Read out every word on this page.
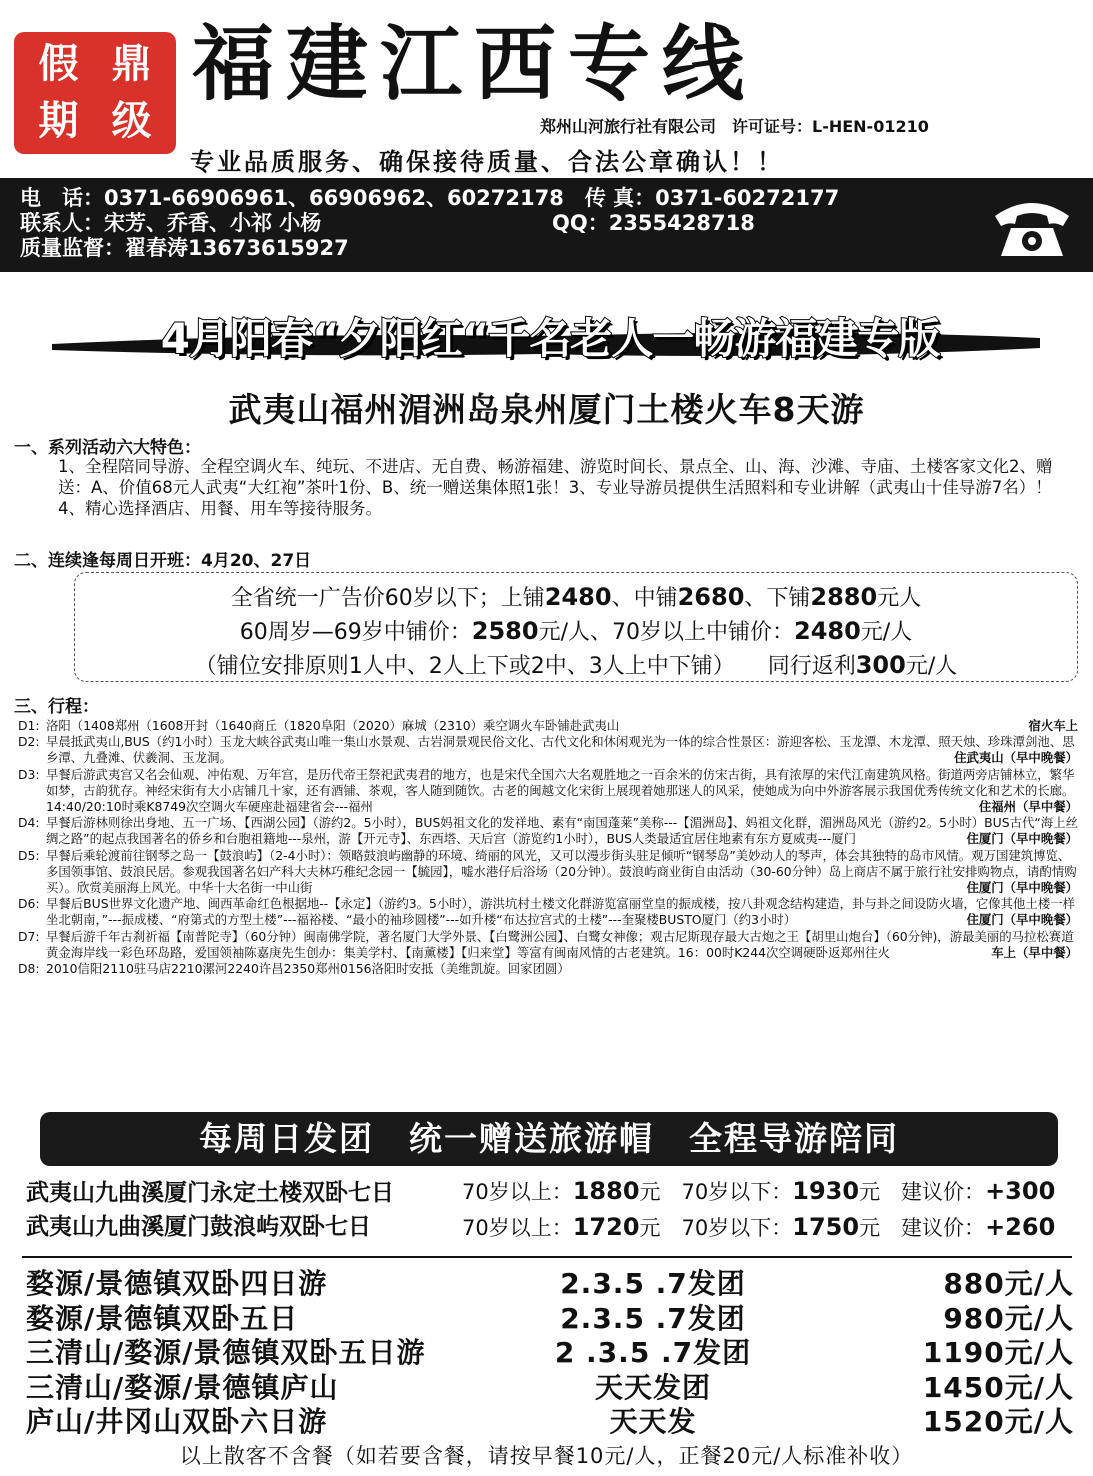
假 鼎
期 级
福建江西专线
郑州山河旅行社有限公司　许可证号：L-HEN-01210
专业品质服务、确保接待质量、合法公章确认！！
电　话：0371-66906961、66906962、60272178　传 真：0371-60272177
联系人：宋芳、乔香、小祁 小杨	QQ：2355428718
质量监督：翟春涛13673615927
4月阳春“夕阳红“千名老人一畅游福建专版
武夷山福州湄洲岛泉州厦门土楼火车8天游
一、系列活动六大特色：
1、全程陪同导游、全程空调火车、纯玩、不进店、无自费、畅游福建、游览时间长、景点全、山、海、沙滩、寺庙、土楼客家文化2、赠送：A、价值68元人武夷“大红袍”茶叶1份、B、统一赠送集体照1张！3、专业导游员提供生活照料和专业讲解（武夷山十佳导游7名）！ 4、精心选择酒店、用餐、用车等接待服务。
二、连续逢每周日开班：4月20、27日
全省统一广告价60岁以下；上铺2480、中铺2680、下铺2880元人
60周岁—69岁中铺价：2580元/人、70岁以上中铺价：2480元/人
（铺位安排原则1人中、2人上下或2中、3人上中下铺）　　同行返利300元/人
三、行程：
D1: 洛阳（1408郑州（1608开封（1640商丘（1820阜阳（2020）麻城（2310）乘空调火车卧铺赴武夷山	宿火车上
D2: 早晨抵武夷山,BUS（约1小时）玉龙大峡谷武夷山唯一集山水景观、古岩洞景观民俗文化、古代文化和休闲观光为一体的综合性景区：游迎客松、玉龙潭、木龙潭、照天烛、珍珠潭剑池、思乡潭、九叠滩、伏羲洞、玉龙洞。	住武夷山（早中晚餐）
D3: 早餐后游武夷宫又名会仙观、冲佑观、万年宫，是历代帝王祭祀武夷君的地方，也是宋代全国六大名观胜地之一百余米的仿宋古街，具有浓厚的宋代江南建筑风格。街道两旁店铺林立，繁华如梦，古韵犹存。神经宋街有大小店铺几十家，还有酒铺、茶观，客人随到随饮。古老的闽越文化宋街上展现着她那迷人的风采，使她成为向中外游客展示我国优秀传统文化和艺术的长廊。14:40/20:10时乘K8749次空调火车硬座赴福建省会---福州	住福州（早中餐）
D4: 早餐后游林则徐出身地、五一广场、【西湖公园】（游约2。5小时），BUS妈祖文化的发祥地、素有“南国蓬莱”美称---【湄洲岛】、妈祖文化群，湄洲岛风光（游约2。5小时）BUS古代“海上丝绸之路”的起点我国著名的侨乡和台胞祖籍地---泉州，游【开元寺】、东西塔、天后宫（游览约1小时），BUS人类最适宜居住地素有东方夏威夷---厦门	住厦门（早中晚餐）
D5: 早餐后乘轮渡前往钢琴之岛一【鼓浪屿】（2-4小时）：领略鼓浪屿幽静的环境、绮丽的风光，又可以漫步街头驻足倾听“钢琴岛”美妙动人的琴声，体会其独特的岛市风情。观万国建筑博览、多国领事馆、鼓浪民居。参观我国著名妇产科大夫林巧稚纪念园一【毓园】，嘘水港仔后浴场（20分钟）。鼓浪屿商业街自由活动（30-60分钟）岛上商店不属于旅行社安排购物点，请酌情购买）。欣赏美丽海上风光。中华十大名街一中山街	住厦门（早中晚餐）
D6: 早餐后BUS世界文化遗产地、闽西革命红色根据地--【永定】（游约3。5小时），游洪坑村土楼文化群游览富丽堂皇的振成楼，按八卦观念结构建造，卦与卦之间设防火墙，它像其他土楼一样坐北朝南，”---振成楼、“府第式的方型土楼”---福裕楼、“最小的袖珍圆楼”---如升楼“布达拉宫式的土楼”---奎聚楼BUSTO厦门（约3小时）	住厦门（早中晚餐）
D7: 早餐后游千年古刹祈福【南普陀寺】（60分钟）闽南佛学院，著名厦门大学外景、【白鹭洲公园】、白鹭女神像；观古尼斯现存最大古炮之王【胡里山炮台】（60分钟)，游最美丽的马拉松赛道黄金海岸线一彩色环岛路，爱国领袖陈嘉庚先生创办：集美学村、【南薰楼】【归来堂】等富有闽南风情的古老建筑。16：00时K244次空调硬卧返郑州往火	车上（早中餐）
D8: 2010信阳2110驻马店2210漯河2240许昌2350郑州0156洛阳时安抵（美维凯旋。回家团圆）
每周日发团　统一赠送旅游帽　全程导游陪同
武夷山九曲溪厦门永定土楼双卧七日	70岁以上：1880元　70岁以下：1930元　建议价：+300
武夷山九曲溪厦门鼓浪屿双卧七日	70岁以上：1720元　70岁以下：1750元　建议价：+260
婺源/景德镇双卧四日游	2.3.5 .7发团	880元/人
婺源/景德镇双卧五日	2.3.5 .7发团	980元/人
三清山/婺源/景德镇双卧五日游	2 .3.5 .7发团	1190元/人
三清山/婺源/景德镇庐山	天天发团	1450元/人
庐山/井冈山双卧六日游	天天发	1520元/人
以上散客不含餐（如若要含餐，请按早餐10元/人，正餐20元/人标准补收）
